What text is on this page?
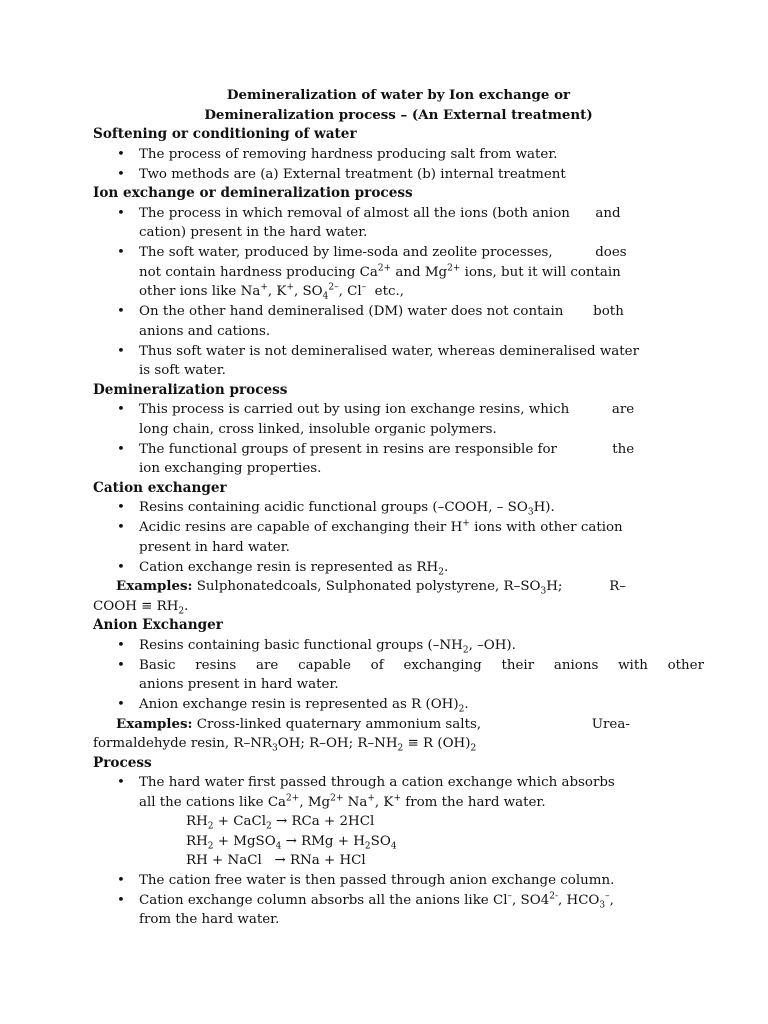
Demineralization of water by Ion exchange or

Demineralization process – (An External treatment)

Softening or conditioning of water

• The process of removing hardness producing salt from water.
• Two methods are (a) External treatment (b) internal treatment

Ion exchange or demineralization process

• The process in which removal of almost all the ions (both anion      and
cation) present in the hard water.
• The soft water, produced by lime-soda and zeolite processes,          does
not contain hardness producing $Ca^{2+}$ and $Mg^{2+}$ ions, but it will contain
other ions like Na+, K+, $SO_4^{2-}$, Cl–  etc.,
• On the other hand demineralised (DM) water does not contain       both
anions and cations.
• Thus soft water is not demineralised water, whereas demineralised water
is soft water.

Demineralization process

• This process is carried out by using ion exchange resins, which          are
long chain, cross linked, insoluble organic polymers.
• The functional groups of present in resins are responsible for             the
ion exchanging properties.

Cation exchanger

• Resins containing acidic functional groups (–COOH, – $SO_3H$).
• Acidic resins are capable of exchanging their H+ ions with other cation
present in hard water.
• Cation exchange resin is represented as $RH_2$.

Examples: Sulphonatedcoals, Sulphonated polystyrene, $R-SO_3H$;           R–

COOH ≡ $RH_2$.

Anion Exchanger

• Resins containing basic functional groups ($-NH_2$, –OH).
• Basic resins are capable of exchanging their anions with other
anions present in hard water.
• Anion exchange resin is represented as R $(OH)_2$.

Examples: Cross-linked quaternary ammonium salts,                          Urea-

formaldehyde resin, $R-NR_3OH$; R–OH; $R-NH_2 \equiv R$ $(OH)_2$

Process

• The hard water first passed through a cation exchange which absorbs
all the cations like $Ca^{2+}$, $Mg^{2+}$ Na+, K+ from the hard water.

$RH_2$ + CaCl$_2$ → RCa + 2HCl

$RH_2$ + MgSO$_4$ → RMg + $H_2SO_4$

RH + NaCl   → RNa + HCl

• The cation free water is then passed through anion exchange column.
• Cation exchange column absorbs all the anions like Cl–, $SO4^{2-}$, $HCO_3^-$,
from the hard water.
